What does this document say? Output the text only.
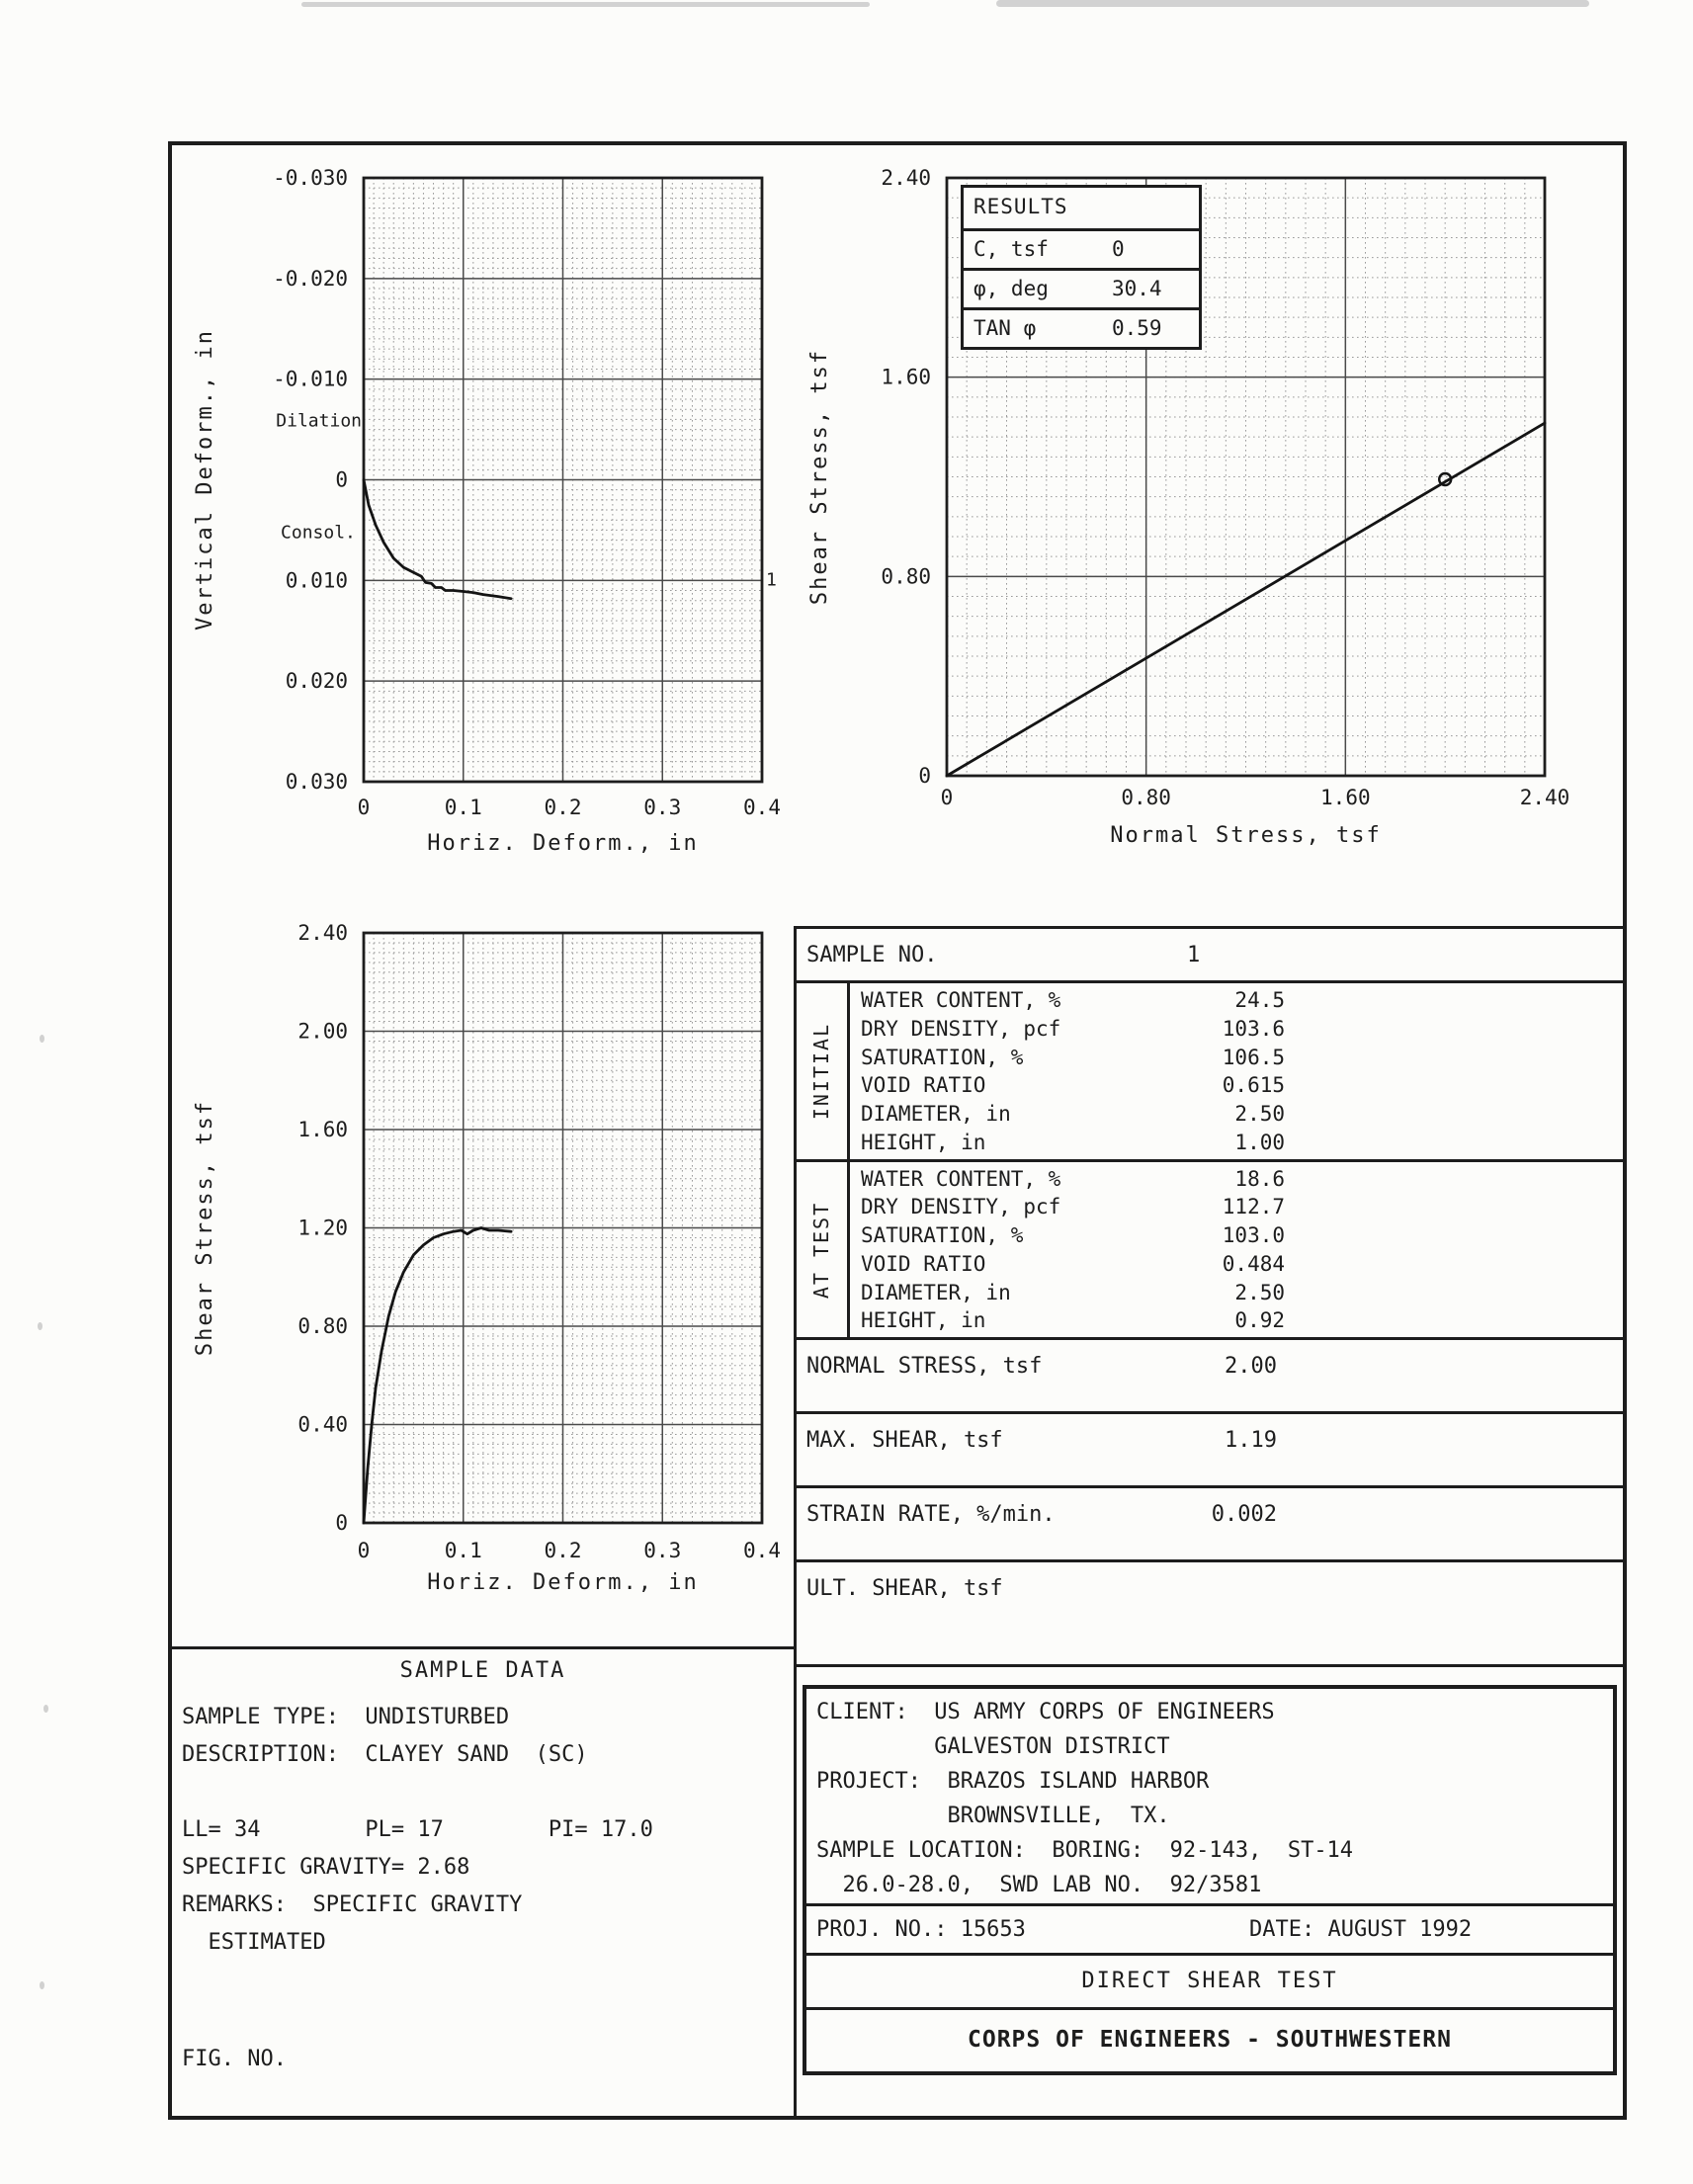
0	0.1	0.2	0.3	0.4
-0.030
-0.020
-0.010
0
0.010
0.020
0.030
Horiz. Deform., in
Vertical Deform., in	Dilation
Consol.
1
0	0.80	1.60	2.40
0
0.80
1.60
2.40
Normal Stress, tsf
Shear Stress, tsf
0	0.1	0.2	0.3	0.4
0
0.40
0.80
1.20
1.60
2.00
2.40
Horiz. Deform., in
Shear Stress, tsf
RESULTS
C, tsf	0
φ, deg	30.4
TAN φ	0.59
SAMPLE NO.	1
INITIAL
WATER CONTENT, %	24.5
DRY DENSITY, pcf	103.6
SATURATION, %	106.5
VOID RATIO	0.615
DIAMETER, in	2.50
HEIGHT, in	1.00
AT TEST
WATER CONTENT, %	18.6
DRY DENSITY, pcf	112.7
SATURATION, %	103.0
VOID RATIO	0.484
DIAMETER, in	2.50
HEIGHT, in	0.92
NORMAL STRESS, tsf	2.00
MAX. SHEAR, tsf	1.19
STRAIN RATE, %/min.	0.002
ULT. SHEAR, tsf
SAMPLE DATA
SAMPLE TYPE:  UNDISTURBED
DESCRIPTION:  CLAYEY SAND  (SC)
LL= 34        PL= 17        PI= 17.0
SPECIFIC GRAVITY= 2.68
REMARKS:  SPECIFIC GRAVITY
ESTIMATED
FIG. NO.
CLIENT:  US ARMY CORPS OF ENGINEERS
GALVESTON DISTRICT
PROJECT:  BRAZOS ISLAND HARBOR
BROWNSVILLE,  TX.
SAMPLE LOCATION:  BORING:  92-143,  ST-14
26.0-28.0,  SWD LAB NO.  92/3581
PROJ. NO.: 15653	DATE: AUGUST 1992
DIRECT SHEAR TEST
CORPS OF ENGINEERS - SOUTHWESTERN
